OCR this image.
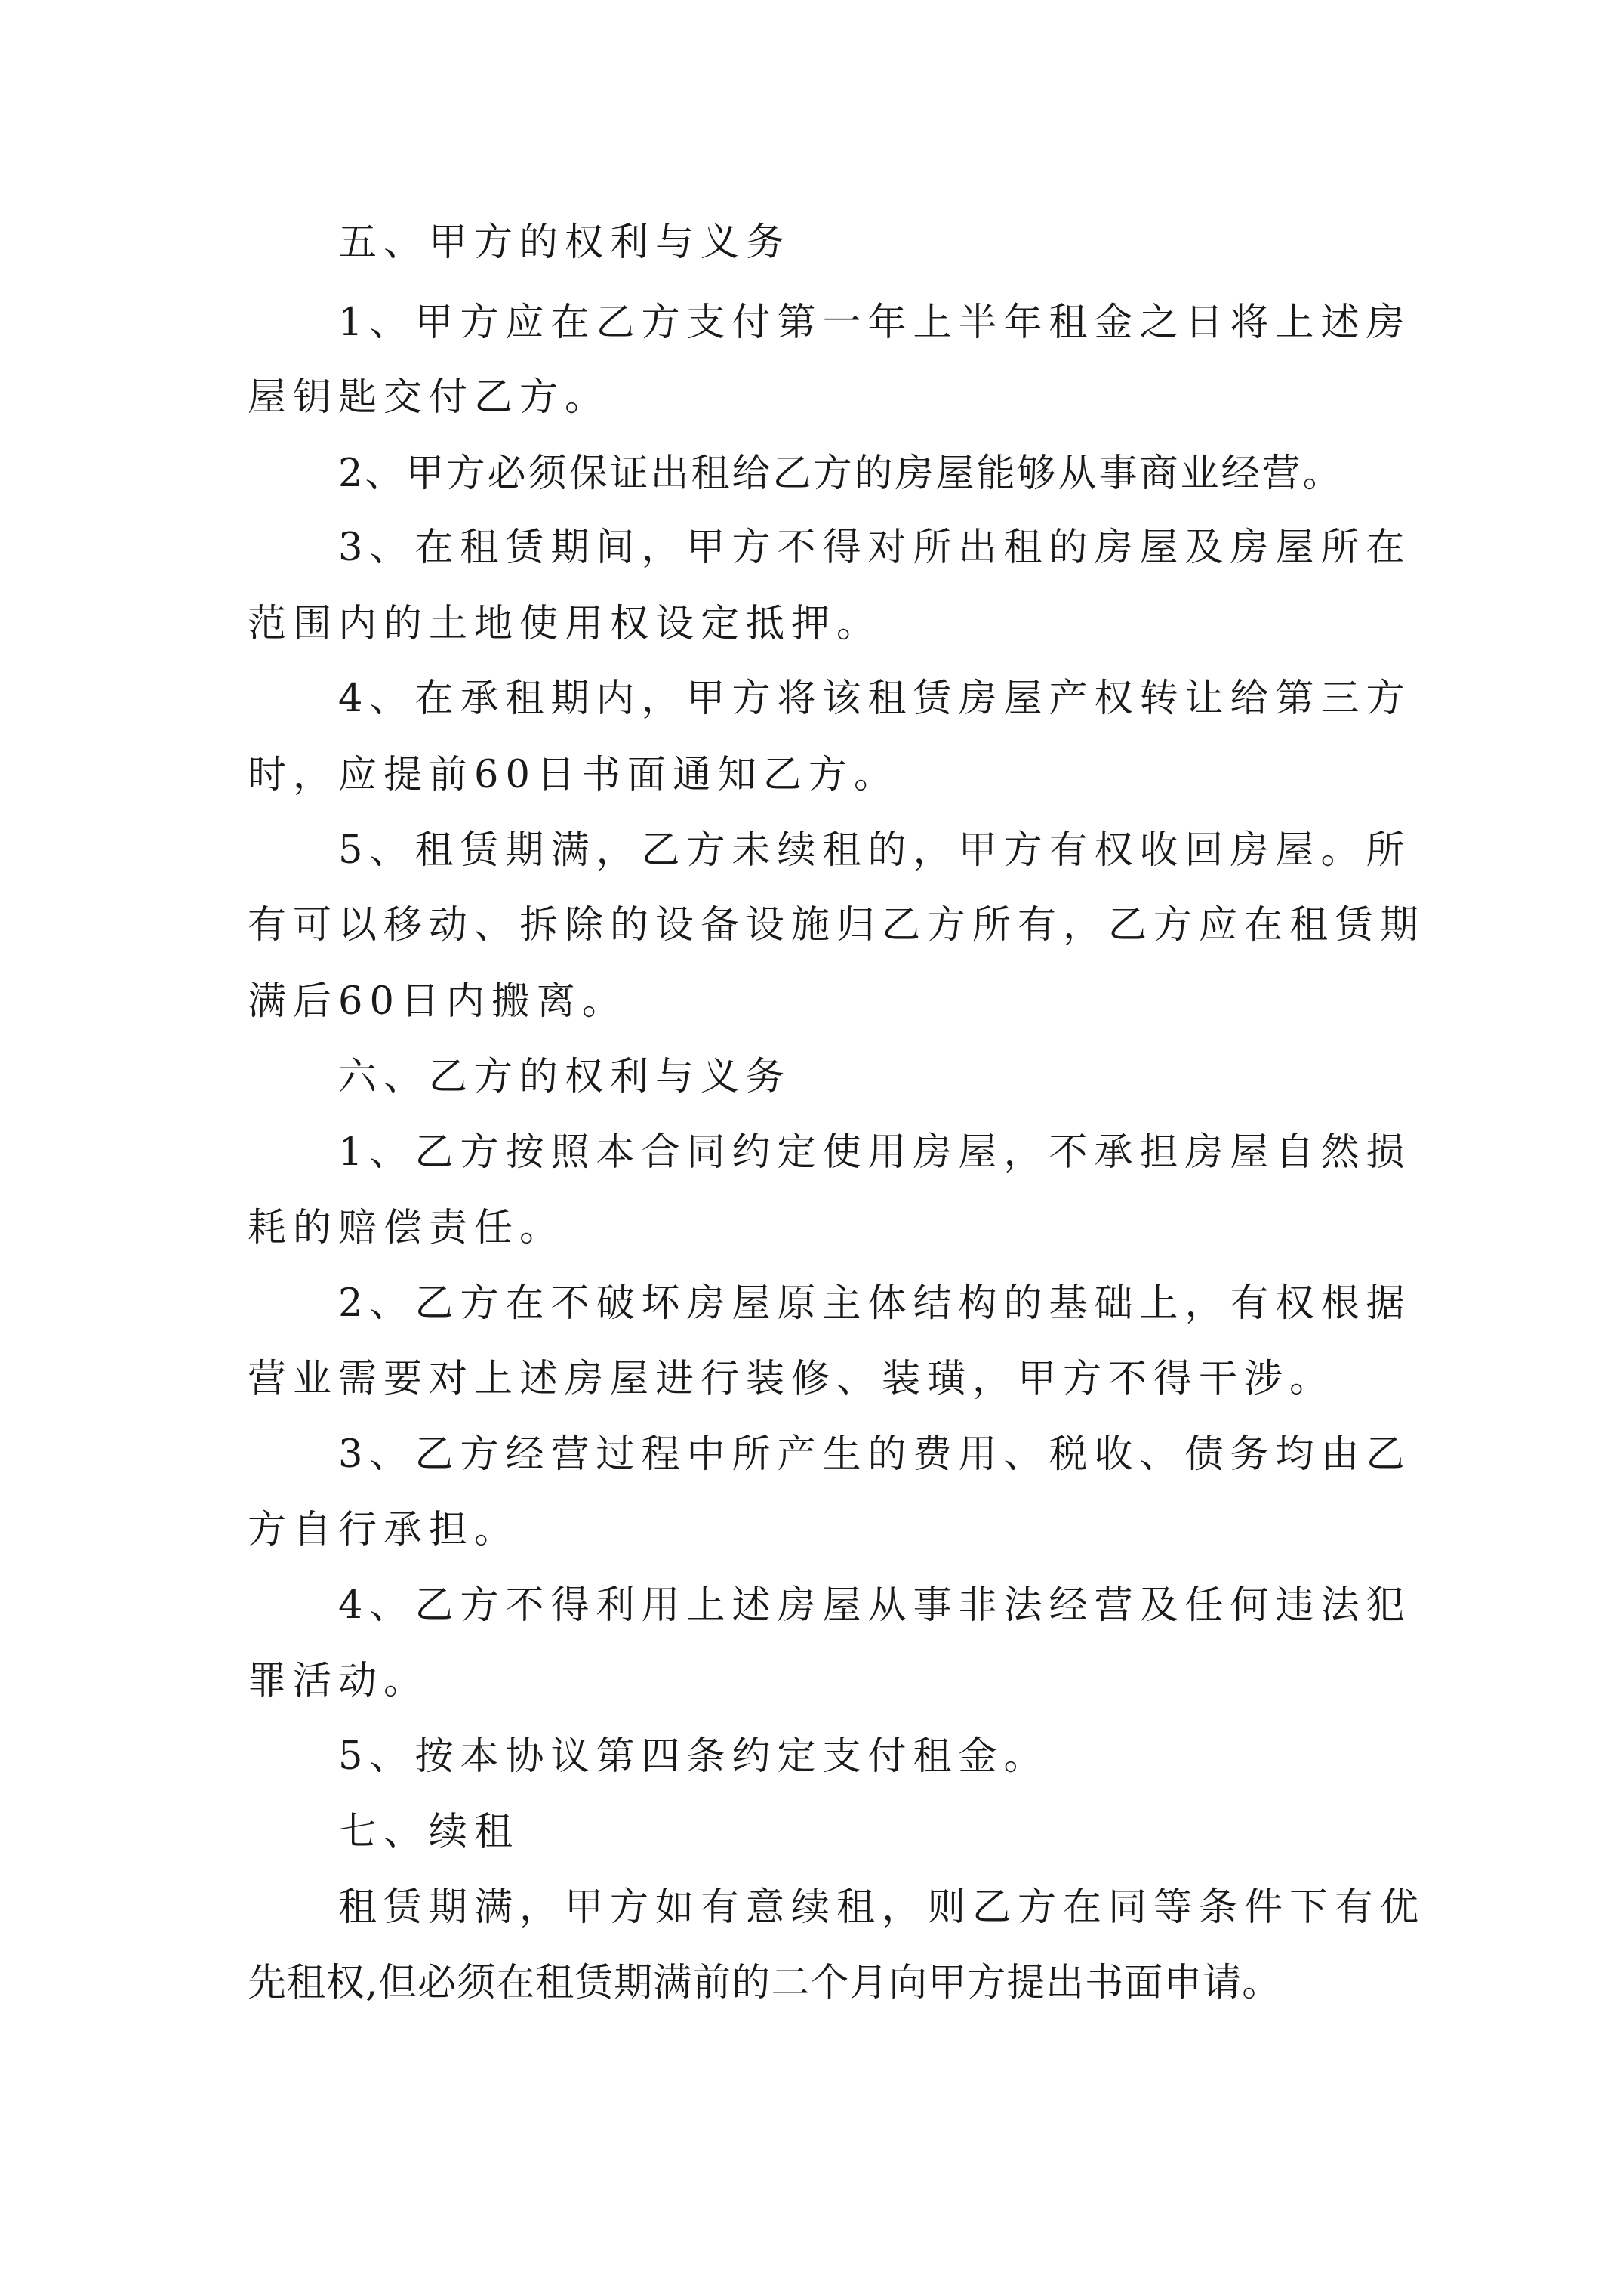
五、甲方的权利与义务
1、甲方应在乙方支付第一年上半年租金之日将上述房
屋钥匙交付乙方。
2、甲方必须保证出租给乙方的房屋能够从事商业经营。
3、在租赁期间，甲方不得对所出租的房屋及房屋所在
范围内的土地使用权设定抵押。
4、在承租期内，甲方将该租赁房屋产权转让给第三方
时，应提前60日书面通知乙方。
5、租赁期满，乙方未续租的，甲方有权收回房屋。所
有可以移动、拆除的设备设施归乙方所有，乙方应在租赁期
满后60日内搬离。
六、乙方的权利与义务
1、乙方按照本合同约定使用房屋，不承担房屋自然损
耗的赔偿责任。
2、乙方在不破坏房屋原主体结构的基础上，有权根据
营业需要对上述房屋进行装修、装璜，甲方不得干涉。
3、乙方经营过程中所产生的费用、税收、债务均由乙
方自行承担。
4、乙方不得利用上述房屋从事非法经营及任何违法犯
罪活动。
5、按本协议第四条约定支付租金。
七、续租
租赁期满，甲方如有意续租，则乙方在同等条件下有优
先租权,但必须在租赁期满前的二个月向甲方提出书面申请。
